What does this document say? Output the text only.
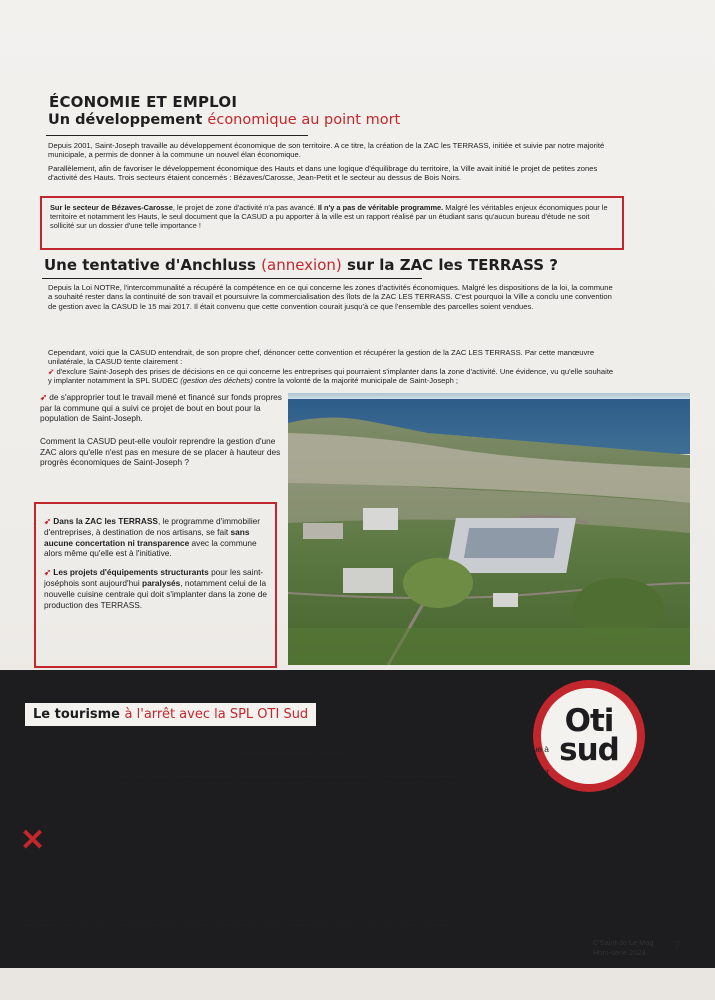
ÉCONOMIE ET EMPLOI
Un développement économique au point mort
Depuis 2001, Saint-Joseph travaille au développement économique de son territoire. A ce titre, la création de la ZAC les TERRASS, initiée et suivie par notre majorité municipale, a permis de donner à la commune un nouvel élan économique.
Parallèlement, afin de favoriser le développement économique des Hauts et dans une logique d'équilibrage du territoire, la Ville avait initié le projet de petites zones d'activité des Hauts. Trois secteurs étaient concernés : Bézaves/Carosse, Jean-Petit et le secteur au dessus de Bois Noirs.
Sur le secteur de Bézaves-Carosse, le projet de zone d'activité n'a pas avancé. Il n'y a pas de véritable programme. Malgré les véritables enjeux économiques pour le territoire et notamment les Hauts, le seul document que la CASUD a pu apporter à la ville est un rapport réalisé par un étudiant sans qu'aucun bureau d'étude ne soit sollicité sur un dossier d'une telle importance !
Une tentative d'Anchluss (annexion) sur la ZAC les TERRASS ?
Depuis la Loi NOTRe, l'intercommunalité a récupéré la compétence en ce qui concerne les zones d'activités économiques. Malgré les dispositions de la loi, la commune a souhaité rester dans la continuité de son travail et poursuivre la commercialisation des îlots de la ZAC LES TERRASS. C'est pourquoi la Ville a conclu une convention de gestion avec la CASUD le 15 mai 2017. Il était convenu que cette convention courait jusqu'à ce que l'ensemble des parcelles soient vendues.
Cependant, voici que la CASUD entendrait, de son propre chef, dénoncer cette convention et récupérer la gestion de la ZAC LES TERRASS. Par cette manœuvre unilatérale, la CASUD tente clairement :
➹ d'exclure Saint-Joseph des prises de décisions en ce qui concerne les entreprises qui pourraient s'implanter dans la zone d'activité. Une évidence, vu qu'elle souhaite y implanter notamment la SPL SUDEC (gestion des déchets) contre la volonté de la majorité municipale de Saint-Joseph ;
➹ de s'approprier tout le travail mené et financé sur fonds propres par la commune qui a suivi ce projet de bout en bout pour la population de Saint-Joseph.
Comment la CASUD peut-elle vouloir reprendre la gestion d'une ZAC alors qu'elle n'est pas en mesure de se placer à hauteur des progrès économiques de Saint-Joseph ?

➹ Dans la ZAC les TERRASS, le programme d'immobilier d'entreprises, à destination de nos artisans, se fait sans aucune concertation ni transparence avec la commune alors même qu'elle est à l'initiative.

➹ Les projets d'équipements structurants pour les saint-joséphois sont aujourd'hui paralysés, notamment celui de la nouvelle cuisine centrale qui doit s'implanter dans la zone de production des TERRASS.

Le tourisme à l'arrêt avec la SPL OTI Sud	Oti
sud
L'office de tourisme intercommunal (SPL OTI du Sud) est un outil mal utilisé depuis 2020. La fréquentation du bureau d'information touristique à Manapany les Bains est à ce jour insatisfaisante.
Alors qu'à Saint-Joseph, le Pays Touristique du Sud Sauvage contribue depuis 35 ans à développer l'activité touristique en intégrant pleinement les professionnels du secteur, l'OTI Sud ne laisse que peu de place aux acteurs économiques du tourisme et se prive donc de son lien avec le territoire.
✕
La signalétique touristique, compétence intercommunale, est elle aussi au point mort en raison d'un problème de gouvernance notoire. L'indisponibilité des membres du Conseil de Surveillance ne permet pas d'atteindre le quorum d'où des difficultés pour tenir des séances et prendre des décisions ...
L'avant-dernière réunion du Conseil de Surveillance a eu lieu le 19 juillet 2022. Celle du 22 décembre 2022 n'a pu se tenir faute de quorum. Ce n'est que le 27 mars 2023, soit huit mois plus tard, que le conseil de surveillance s'est réuni. Le président du conseil de surveillance reconnaît dans le procès-verbal de séance : «[...] il est important que le Conseil de Surveillance puisse se réunir pour garantir son rôle décisionnel et l'efficacité des outils opérationnels du territoire, tels que la SPL OTI SUD.»
Pendant ce temps, nos prestataires touristiques pâtissent du manque de visibilité de la gouvernance actuelle.
C'Saint-Jo Le Mag
Hors-série 2023	7
